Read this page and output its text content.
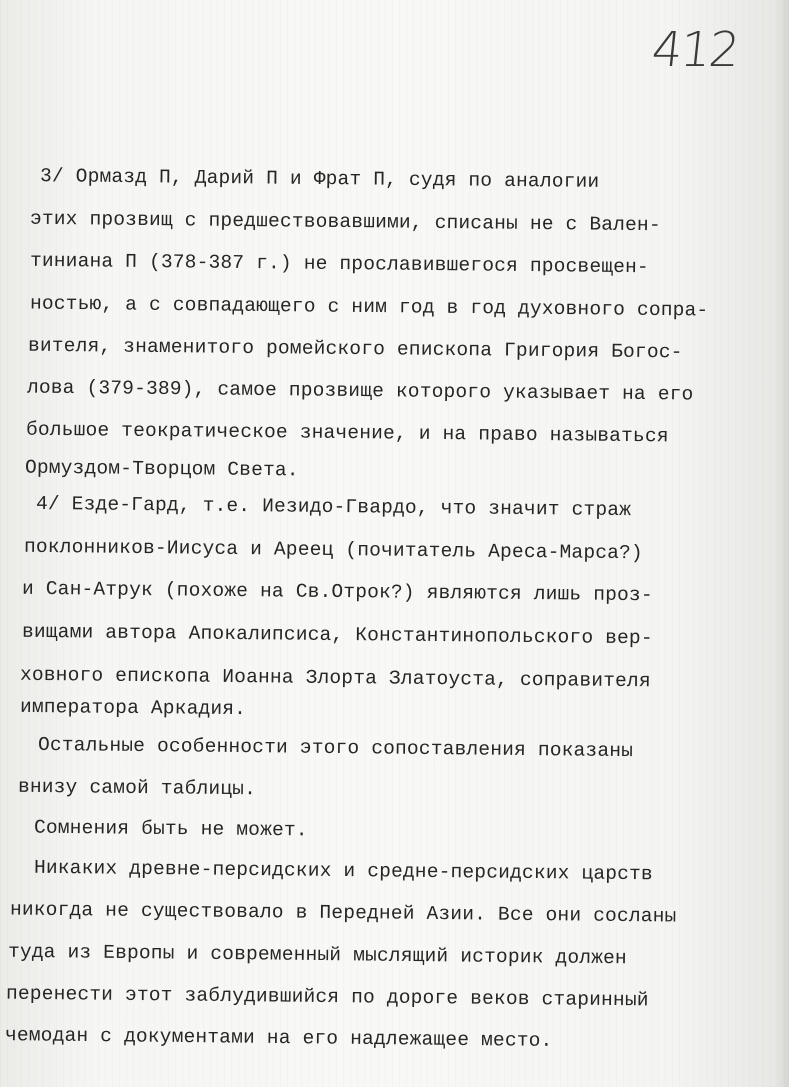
412
3/ Ормазд П, Дарий П и Фрат П, судя по аналогии
этих прозвищ с предшествовавшими, списаны не с Вален-
тиниана П (378-387 г.) не прославившегося просвещен-
ностью, а с совпадающего с ним год в год духовного сопра-
вителя, знаменитого ромейского епископа Григория Богос-
лова (379-389), самое прозвище которого указывает на его
большое теократическое значение, и на право называться
Ормуздом-Творцом Света.
4/ Езде-Гард, т.е. Иезидо-Гвардо, что значит страж
поклонников-Иисуса и Ареец (почитатель Ареса-Марса?)
и Сан-Атрук (похоже на Св.Отрок?) являются лишь проз-
вищами автора Апокалипсиса, Константинопольского вер-
ховного епископа Иоанна Злорта Златоуста, соправителя
императора Аркадия.
Остальные особенности этого сопоставления показаны
внизу самой таблицы.
Сомнения быть не может.
Никаких древне-персидских и средне-персидских царств
никогда не существовало в Передней Азии. Все они сосланы
туда из Европы и современный мыслящий историк должен
перенести этот заблудившийся по дороге веков старинный
чемодан с документами на его надлежащее место.
